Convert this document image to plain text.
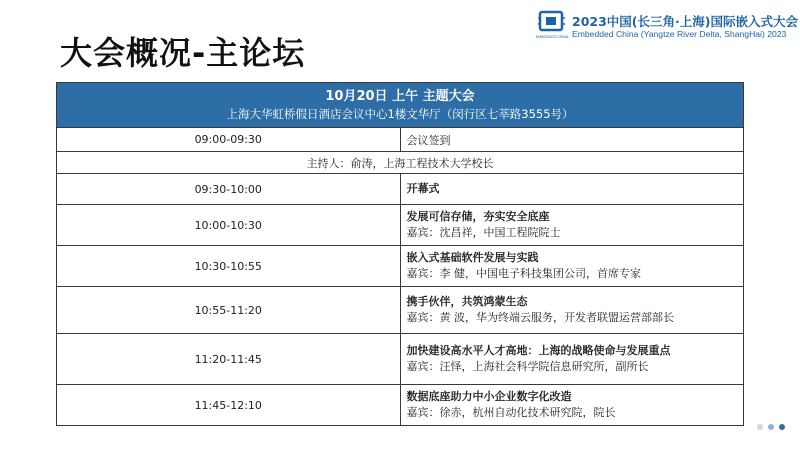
大会概况-主论坛	EMBEDDED CHINA
2023中国(长三角·上海)国际嵌入式大会
Embedded China (Yangtze River Delta, ShangHai) 2023
10月20日 上午 主题大会
上海大华虹桥假日酒店会议中心1楼文华厅（闵行区七莘路3555号）	

09:00-09:30	会议签到
主持人：俞涛，上海工程技术大学校长	
09:30-10:00	开幕式

10:00-10:30	发展可信存储，夯实安全底座
嘉宾：沈昌祥，中国工程院院士

10:30-10:55	嵌入式基础软件发展与实践
嘉宾：李 健，中国电子科技集团公司，首席专家

10:55-11:20	携手伙伴，共筑鸿蒙生态
嘉宾：黄 波，华为终端云服务，开发者联盟运营部部长

11:20-11:45	加快建设高水平人才高地：上海的战略使命与发展重点
嘉宾：汪怿，上海社会科学院信息研究所，副所长

11:45-12:10	数据底座助力中小企业数字化改造
嘉宾：徐赤，杭州自动化技术研究院，院长
